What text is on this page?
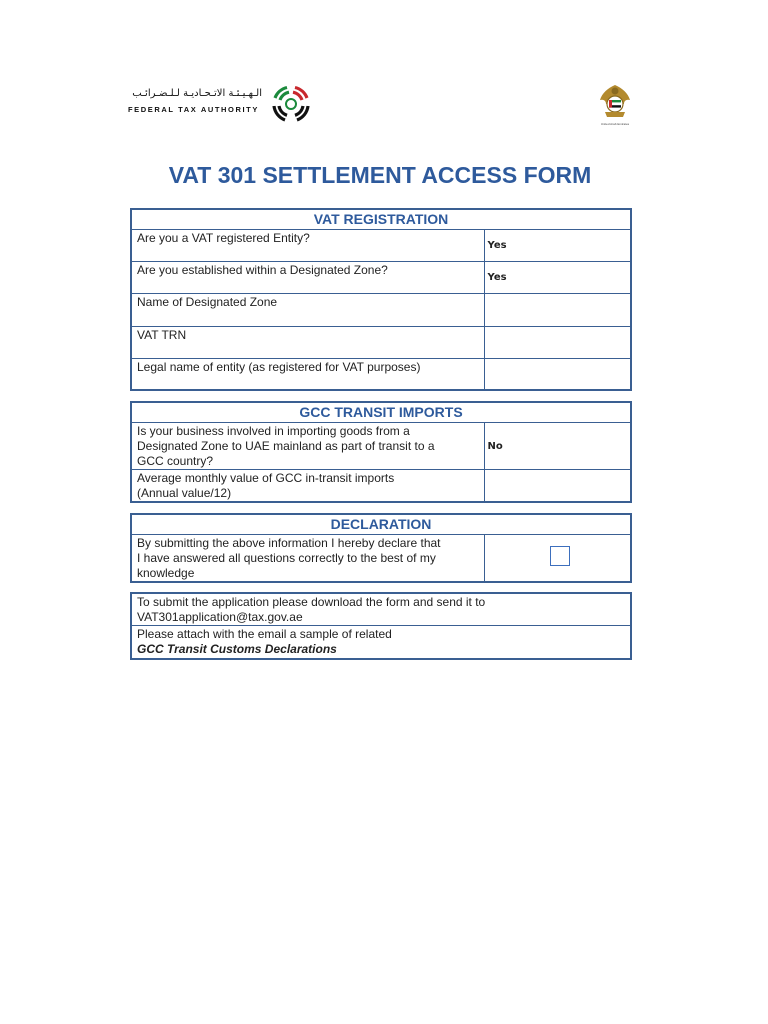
الـهـيـئـة الاتـحـاديـة لـلـضـرائـب
FEDERAL TAX AUTHORITY
United Arab Emirates
VAT 301 SETTLEMENT ACCESS FORM
VAT REGISTRATION	
Are you a VAT registered Entity?	Yes
Are you established within a Designated Zone?	Yes
Name of Designated Zone	
VAT TRN	
Legal name of entity (as registered for VAT purposes)	
GCC TRANSIT IMPORTS	

Is your business involved in importing goods from a
Designated Zone to UAE mainland as part of transit to a
GCC country?	No

Average monthly value of GCC in-transit imports
(Annual value/12)	

DECLARATION

By submitting the above information I hereby declare that
I have answered all questions correctly to the best of my
knowledge

To submit the application please download the form and send it to
VAT301application@tax.gov.ae

Please attach with the email a sample of related
GCC Transit Customs Declarations
